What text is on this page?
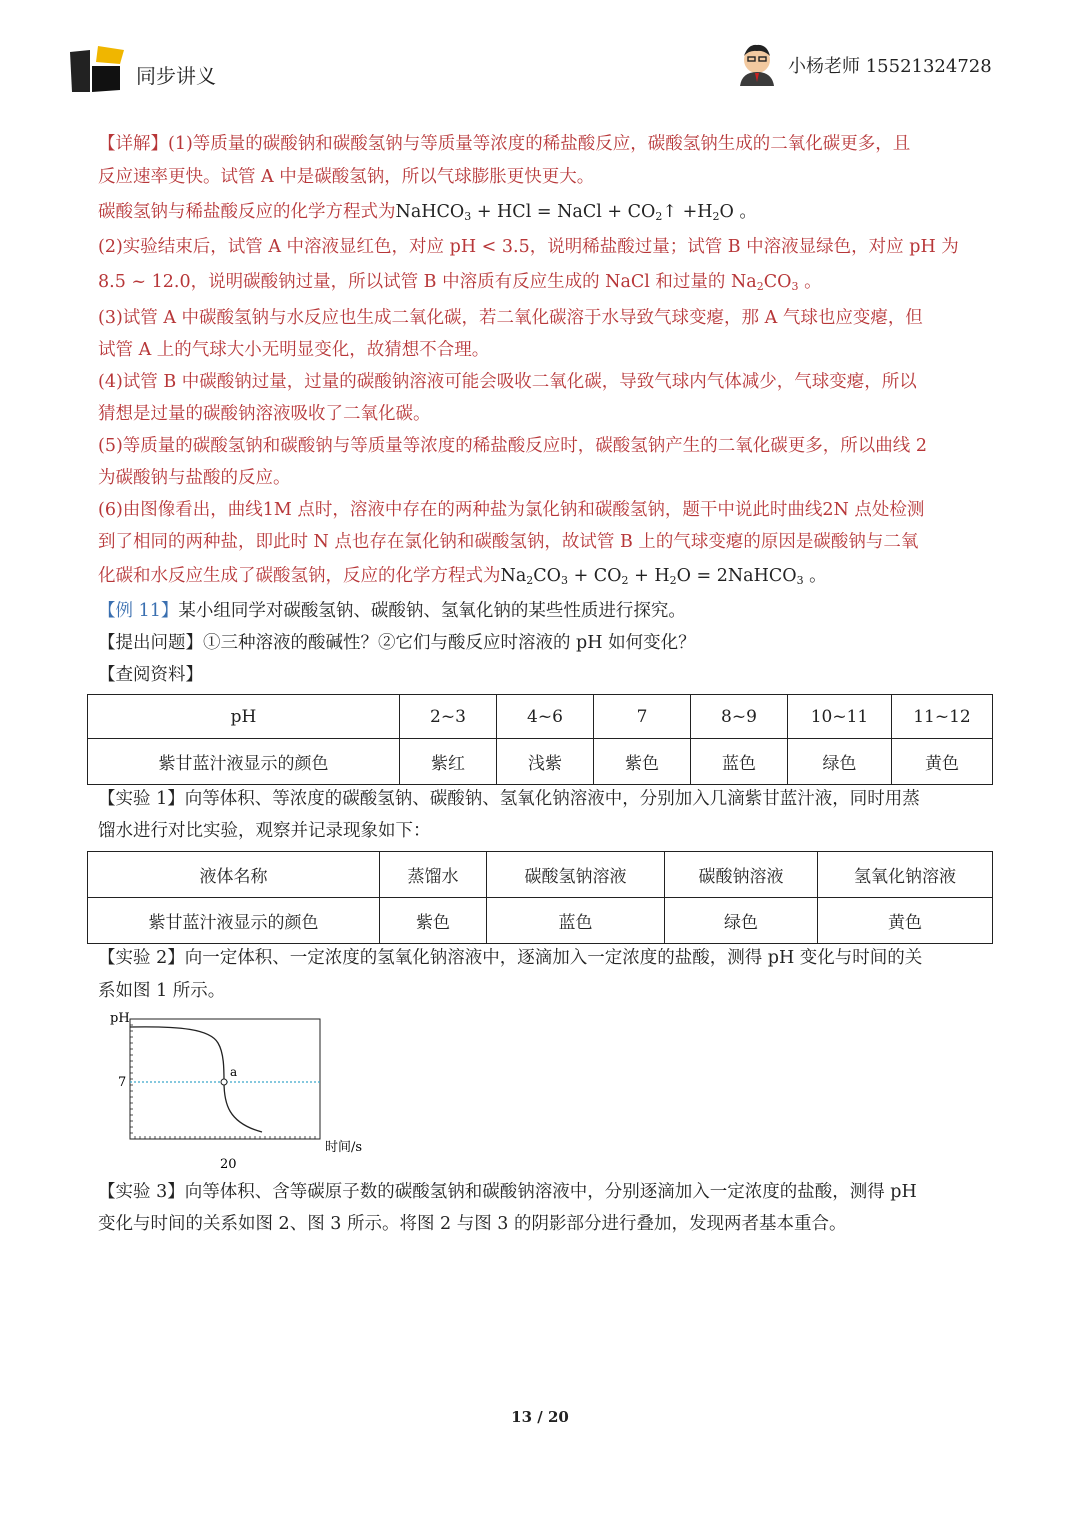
同步讲义	小杨老师 15521324728
【详解】(1)等质量的碳酸钠和碳酸氢钠与等质量等浓度的稀盐酸反应，碳酸氢钠生成的二氧化碳更多，且
反应速率更快。试管 A 中是碳酸氢钠，所以气球膨胀更快更大。
碳酸氢钠与稀盐酸反应的化学方程式为NaHCO$_3$ + HCl = NaCl + $CO_2↑ +H_2O$ 。
(2)实验结束后，试管 A 中溶液显红色，对应 pH < 3.5，说明稀盐酸过量；试管 B 中溶液显绿色，对应 pH 为
8.5 ~ 12.0，说明碳酸钠过量，所以试管 B 中溶质有反应生成的 NaCl 和过量的 $Na_2CO_3$ 。
(3)试管 A 中碳酸氢钠与水反应也生成二氧化碳，若二氧化碳溶于水导致气球变瘪，那 A 气球也应变瘪，但
试管 A 上的气球大小无明显变化，故猜想不合理。
(4)试管 B 中碳酸钠过量，过量的碳酸钠溶液可能会吸收二氧化碳，导致气球内气体减少，气球变瘪，所以
猜想是过量的碳酸钠溶液吸收了二氧化碳。
(5)等质量的碳酸氢钠和碳酸钠与等质量等浓度的稀盐酸反应时，碳酸氢钠产生的二氧化碳更多，所以曲线 2
为碳酸钠与盐酸的反应。
(6)由图像看出，曲线1M 点时，溶液中存在的两种盐为氯化钠和碳酸氢钠，题干中说此时曲线2N 点处检测
到了相同的两种盐，即此时 N 点也存在氯化钠和碳酸氢钠，故试管 B 上的气球变瘪的原因是碳酸钠与二氧
化碳和水反应生成了碳酸氢钠，反应的化学方程式为$Na_2CO_3 + CO_2 + H_2O$ = 2NaHCO$_3$ 。
【例 11】某小组同学对碳酸氢钠、碳酸钠、氢氧化钠的某些性质进行探究。
【提出问题】①三种溶液的酸碱性？②它们与酸反应时溶液的 pH 如何变化？
【查阅资料】
pH	2~3	4~6	7	8~9	10~11	11~12
紫甘蓝汁液显示的颜色	紫红	浅紫	紫色	蓝色	绿色	黄色
【实验 1】向等体积、等浓度的碳酸氢钠、碳酸钠、氢氧化钠溶液中，分别加入几滴紫甘蓝汁液，同时用蒸
馏水进行对比实验，观察并记录现象如下：
液体名称	蒸馏水	碳酸氢钠溶液	碳酸钠溶液	氢氧化钠溶液
紫甘蓝汁液显示的颜色	紫色	蓝色	绿色	黄色
【实验 2】向一定体积、一定浓度的氢氧化钠溶液中，逐滴加入一定浓度的盐酸，测得 pH 变化与时间的关
系如图 1 所示。
a
pH
7
20
时间/s
【实验 3】向等体积、含等碳原子数的碳酸氢钠和碳酸钠溶液中，分别逐滴加入一定浓度的盐酸，测得 pH
变化与时间的关系如图 2、图 3 所示。将图 2 与图 3 的阴影部分进行叠加，发现两者基本重合。
13 / 20
